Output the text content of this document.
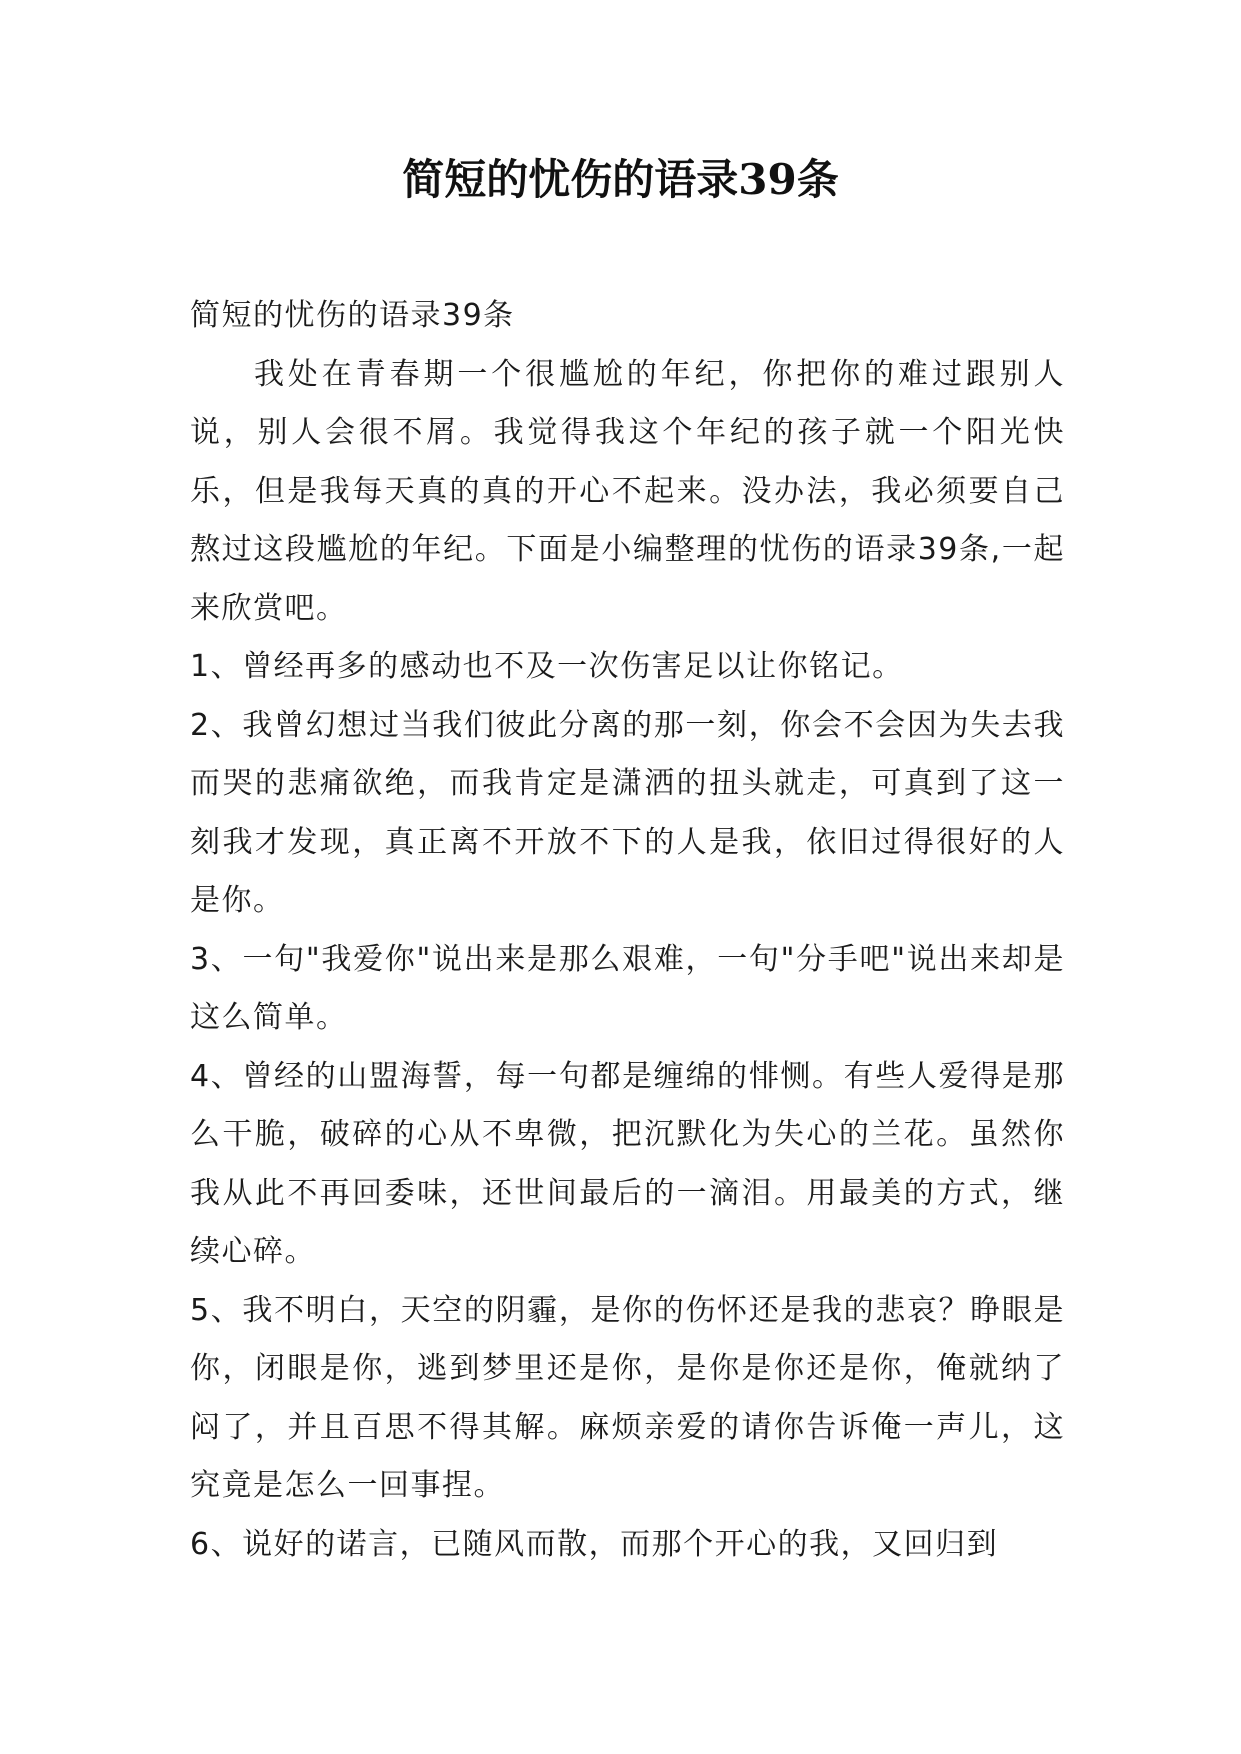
简短的忧伤的语录39条

简短的忧伤的语录39条

我处在青春期一个很尴尬的年纪，你把你的难过跟别人说，别人会很不屑。我觉得我这个年纪的孩子就一个阳光快乐，但是我每天真的真的开心不起来。没办法，我必须要自己熬过这段尴尬的年纪。下面是小编整理的忧伤的语录39条,一起来欣赏吧。

1、曾经再多的感动也不及一次伤害足以让你铭记。

2、我曾幻想过当我们彼此分离的那一刻，你会不会因为失去我而哭的悲痛欲绝，而我肯定是潇洒的扭头就走，可真到了这一刻我才发现，真正离不开放不下的人是我，依旧过得很好的人是你。

3、一句"我爱你"说出来是那么艰难，一句"分手吧"说出来却是这么简单。

4、曾经的山盟海誓，每一句都是缠绵的悱恻。有些人爱得是那么干脆，破碎的心从不卑微，把沉默化为失心的兰花。虽然你我从此不再回委味，还世间最后的一滴泪。用最美的方式，继续心碎。

5、我不明白，天空的阴霾，是你的伤怀还是我的悲哀？睁眼是你，闭眼是你，逃到梦里还是你，是你是你还是你，俺就纳了闷了，并且百思不得其解。麻烦亲爱的请你告诉俺一声儿，这究竟是怎么一回事捏。

6、说好的诺言，已随风而散，而那个开心的我，又回归到
